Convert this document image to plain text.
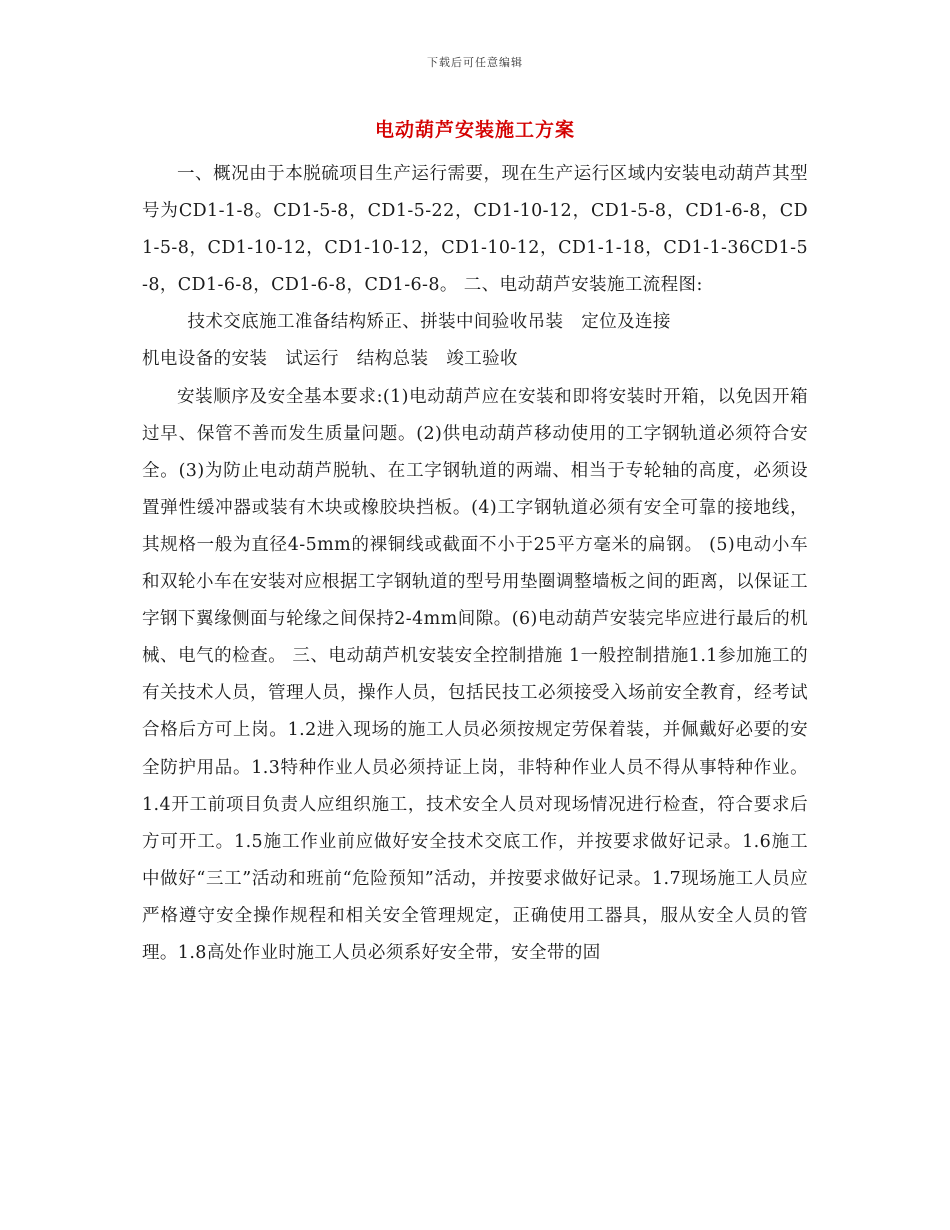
下载后可任意编辑
电动葫芦安装施工方案

一、概况由于本脱硫项目生产运行需要，现在生产运行区域内安装电动葫芦其型号为CD1-1-8。CD1-5-8，CD1-5-22，CD1-10-12，CD1-5-8，CD1-6-8，CD1-5-8，CD1-10-12，CD1-10-12，CD1-10-12，CD1-1-18，CD1-1-36CD1-5-8，CD1-6-8，CD1-6-8，CD1-6-8。 二、电动葫芦安装施工流程图:

技术交底施工准备结构矫正、拼装中间验收吊装　定位及连接

机电设备的安装　试运行　结构总装　竣工验收

安装顺序及安全基本要求:(1)电动葫芦应在安装和即将安装时开箱，以免因开箱过早、保管不善而发生质量问题。(2)供电动葫芦移动使用的工字钢轨道必须符合安全。(3)为防止电动葫芦脱轨、在工字钢轨道的两端、相当于专轮轴的高度，必须设置弹性缓冲器或装有木块或橡胶块挡板。(4)工字钢轨道必须有安全可靠的接地线，其规格一般为直径4-5mm的裸铜线或截面不小于25平方毫米的扁钢。 (5)电动小车和双轮小车在安装对应根据工字钢轨道的型号用垫圈调整墙板之间的距离，以保证工字钢下翼缘侧面与轮缘之间保持2-4mm间隙。(6)电动葫芦安装完毕应进行最后的机械、电气的检查。 三、电动葫芦机安装安全控制措施 1一般控制措施1.1参加施工的有关技术人员，管理人员，操作人员，包括民技工必须接受入场前安全教育，经考试合格后方可上岗。1.2进入现场的施工人员必须按规定劳保着装，并佩戴好必要的安全防护用品。1.3特种作业人员必须持证上岗，非特种作业人员不得从事特种作业。1.4开工前项目负责人应组织施工，技术安全人员对现场情况进行检查，符合要求后方可开工。1.5施工作业前应做好安全技术交底工作，并按要求做好记录。1.6施工中做好“三工”活动和班前“危险预知”活动，并按要求做好记录。1.7现场施工人员应严格遵守安全操作规程和相关安全管理规定，正确使用工器具，服从安全人员的管理。1.8高处作业时施工人员必须系好安全带，安全带的固
